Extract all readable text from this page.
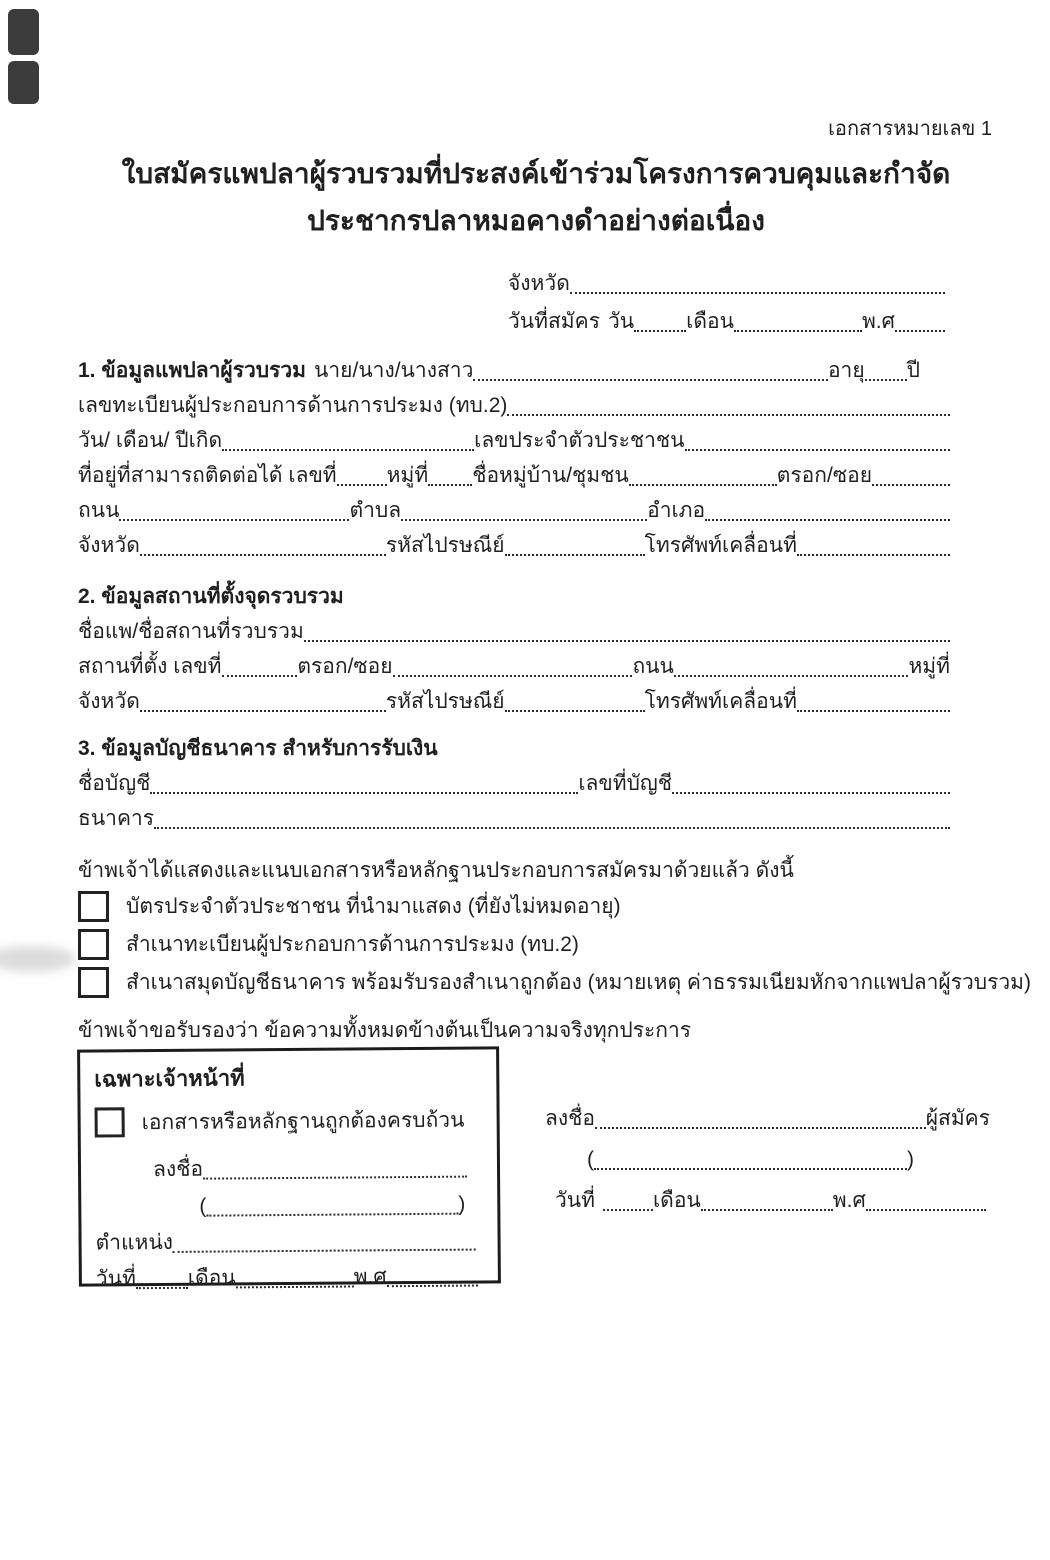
เอกสารหมายเลข 1
ใบสมัครแพปลาผู้รวบรวมที่ประสงค์เข้าร่วมโครงการควบคุมและกำจัด
ประชากรปลาหมอคางดำอย่างต่อเนื่อง
จังหวัด
วันที่สมัคร วัน เดือน	พ.ศ
1. ข้อมูลแพปลาผู้รวบรวม นาย/นาง/นางสาว	อายุ ปี
เลขทะเบียนผู้ประกอบการด้านการประมง (ทบ.2)
วัน/ เดือน/ ปีเกิด	เลขประจำตัวประชาชน
ที่อยู่ที่สามารถติดต่อได้ เลขที่ หมู่ที่ ชื่อหมู่บ้าน/ชุมชน	ตรอก/ซอย
ถนน	ตำบล	อำเภอ
จังหวัด	รหัสไปรษณีย์	โทรศัพท์เคลื่อนที่
2. ข้อมูลสถานที่ตั้งจุดรวบรวม
ชื่อแพ/ชื่อสถานที่รวบรวม
สถานที่ตั้ง เลขที่	ตรอก/ซอย	ถนน	หมู่ที่
จังหวัด	รหัสไปรษณีย์	โทรศัพท์เคลื่อนที่
3. ข้อมูลบัญชีธนาคาร สำหรับการรับเงิน
ชื่อบัญชี	เลขที่บัญชี
ธนาคาร
ข้าพเจ้าได้แสดงและแนบเอกสารหรือหลักฐานประกอบการสมัครมาด้วยแล้ว ดังนี้
บัตรประจำตัวประชาชน ที่นำมาแสดง (ที่ยังไม่หมดอายุ)
สำเนาทะเบียนผู้ประกอบการด้านการประมง (ทบ.2)
สำเนาสมุดบัญชีธนาคาร พร้อมรับรองสำเนาถูกต้อง (หมายเหตุ ค่าธรรมเนียมหักจากแพปลาผู้รวบรวม)
ข้าพเจ้าขอรับรองว่า ข้อความทั้งหมดข้างต้นเป็นความจริงทุกประการ
เฉพาะเจ้าหน้าที่
เอกสารหรือหลักฐานถูกต้องครบถ้วน
ลงชื่อ
(	)
ตำแหน่ง
วันที่ เดือน	พ.ศ
ลงชื่อ	ผู้สมัคร
(	)
วันที่	เดือน	พ.ศ
